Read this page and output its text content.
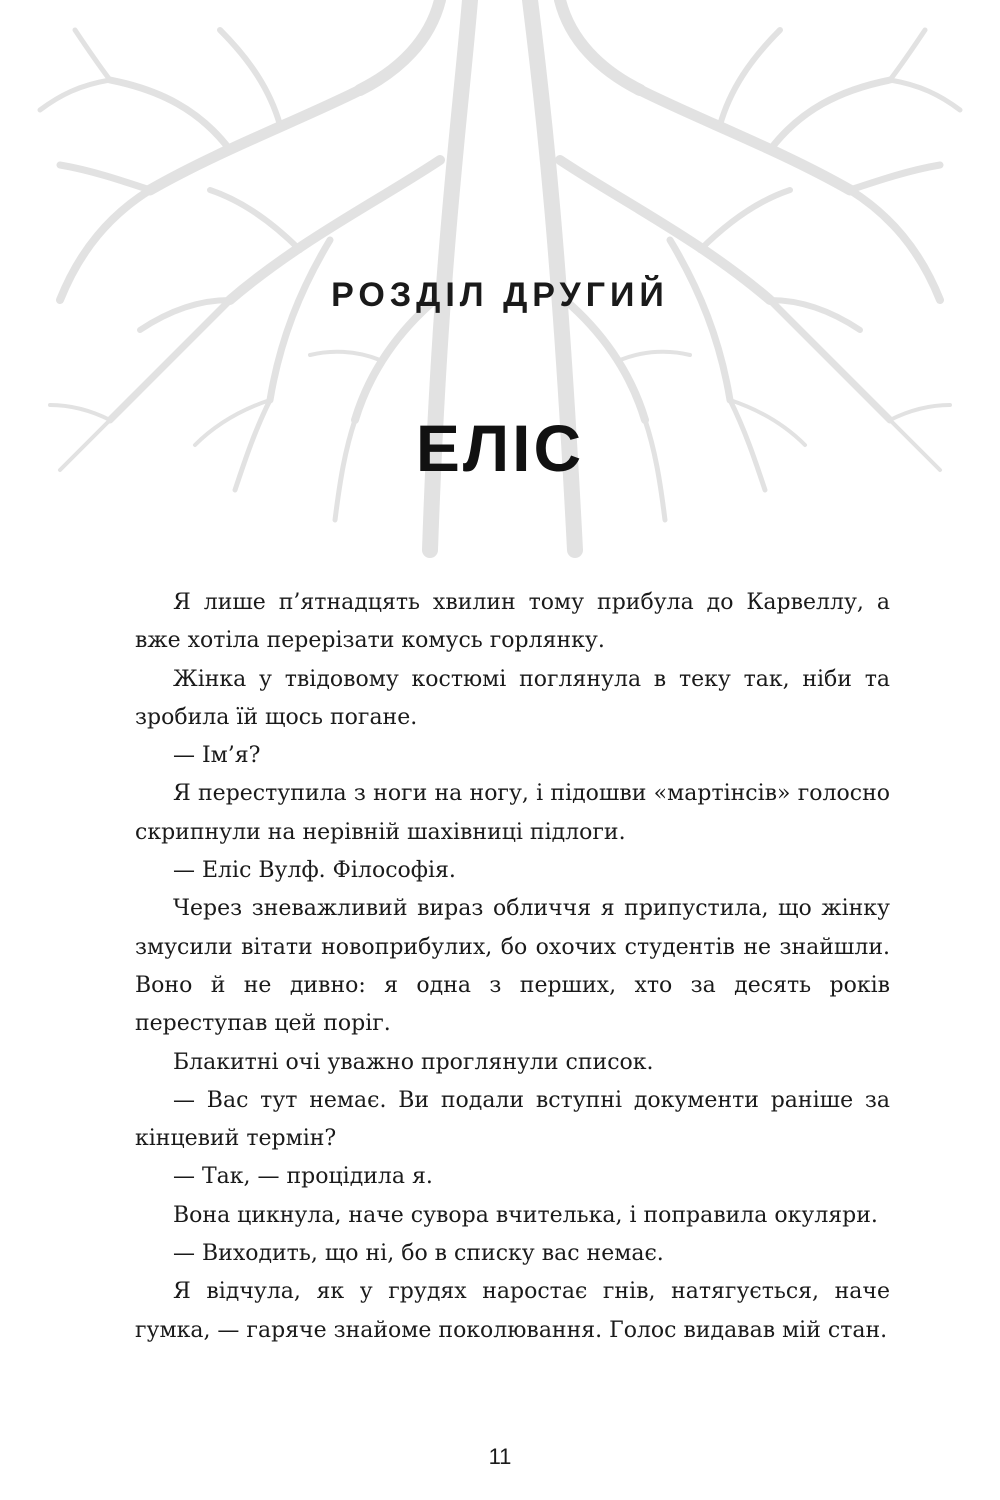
РОЗДІЛ ДРУГИЙ
ЕЛІС

Я лише п’ятнадцять хвилин тому прибула до Карвеллу, а вже хотіла перерізати комусь горлянку.

Жінка у твідовому костюмі поглянула в теку так, ніби та зробила їй щось погане.

— Ім’я?

Я переступила з ноги на ногу, і підошви «мартінсів» голосно скрипнули на нерівній шахівниці підлоги.

— Еліс Вулф. Філософія.

Через зневажливий вираз обличчя я припустила, що жінку змусили вітати новоприбулих, бо охочих студентів не знайшли. Воно й не дивно: я одна з перших, хто за десять років переступав цей поріг.

Блакитні очі уважно проглянули список.

— Вас тут немає. Ви подали вступні документи раніше за кінцевий термін?

— Так, — процідила я.

Вона цикнула, наче сувора вчителька, і поправила окуляри.

— Виходить, що ні, бо в списку вас немає.

Я відчула, як у грудях наростає гнів, натягується, наче гумка, — гаряче знайоме поколювання. Голос видавав мій стан.

11
